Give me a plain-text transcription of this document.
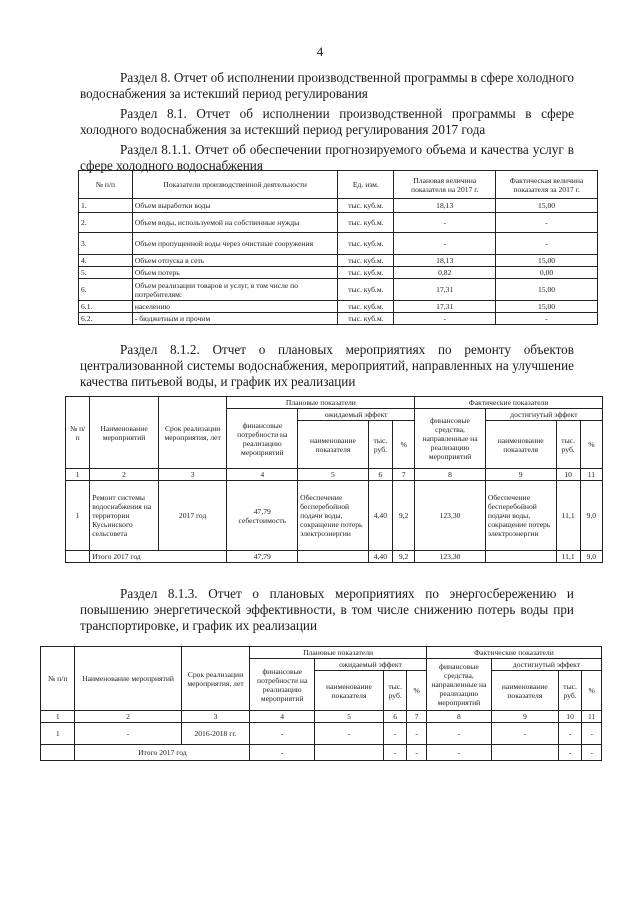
4
Раздел 8. Отчет об исполнении производственной программы в сфере холодного водоснабжения за истекший период регулирования
Раздел 8.1. Отчет об исполнении производственной программы в сфере холодного водоснабжения за истекший период регулирования 2017 года
Раздел 8.1.1. Отчет об обеспечении прогнозируемого объема и качества услуг в сфере холодного водоснабжения
№ п/п	Показатели производственной деятельности	Ед. изм.	Плановая величина показателя на 2017 г.	Фактическая величина показателя за 2017 г.
1.	Объем выработки воды	тыс. куб.м.	18,13	15,00
2.	Объем воды, используемой на собственные нужды	тыс. куб.м.	-	-
3.	Объем пропущенной воды через очистные сооружения	тыс. куб.м.	-	-
4.	Объем отпуска в сеть	тыс. куб.м.	18,13	15,00
5.	Объем потерь	тыс. куб.м.	0,82	0,00
6.	Объем реализации товаров и услуг, в том числе по потребителям:	тыс. куб.м.	17,31	15,00
6.1.	населению	тыс. куб.м.	17,31	15,00
6.2.	- бюджетным и прочим	тыс. куб.м.	-	-
Раздел 8.1.2. Отчет о плановых мероприятиях по ремонту объектов централизованной системы водоснабжения, мероприятий, направленных на улучшение качества питьевой воды, и график их реализации
№ п/п	Наименование мероприятий	Срок реализации мероприятия, лет	Плановые показатели				Фактические показатели			
			финансовые потребности на реализацию мероприятий	ожидаемый эффект			финансовые средства, направленные на реализацию мероприятий	достигнутый эффект		
				наименование показателя	тыс. руб.	%		наименование показателя	тыс. руб.	%
1	2	3	4	5	6	7	8	9	10	11
1	Ремонт системы водоснабжения на территории Кусьинского сельсовета	2017 год	47,79 себестоимость	Обеспечение бесперебойной подачи воды, сокращение потерь электроэнергии	4,40	9,2	123,30	Обеспечение бесперебойной подачи воды, сокращение потерь электроэнергии	11,1	9,0
	Итого 2017 год		47,79		4,40	9,2	123,30		11,1	9,0
Раздел 8.1.3. Отчет о плановых мероприятиях по энергосбережению и повышению энергетической эффективности, в том числе снижению потерь воды при транспортировке, и график их реализации
№ п/п	Наименование мероприятий	Срок реализации мероприятия, лет	Плановые показатели				Фактические показатели			
			финансовые потребности на реализацию мероприятий	ожидаемый эффект			финансовые средства, направленные на реализацию мероприятий	достигнутый эффект		
				наименование показателя	тыс. руб.	%		наименование показателя	тыс. руб.	%
1	2	3	4	5	6	7	8	9	10	11
1	-	2016-2018 гг.	-	-	-	-	-	-	-	-
	Итого 2017 год		-		-	-	-		-	-
